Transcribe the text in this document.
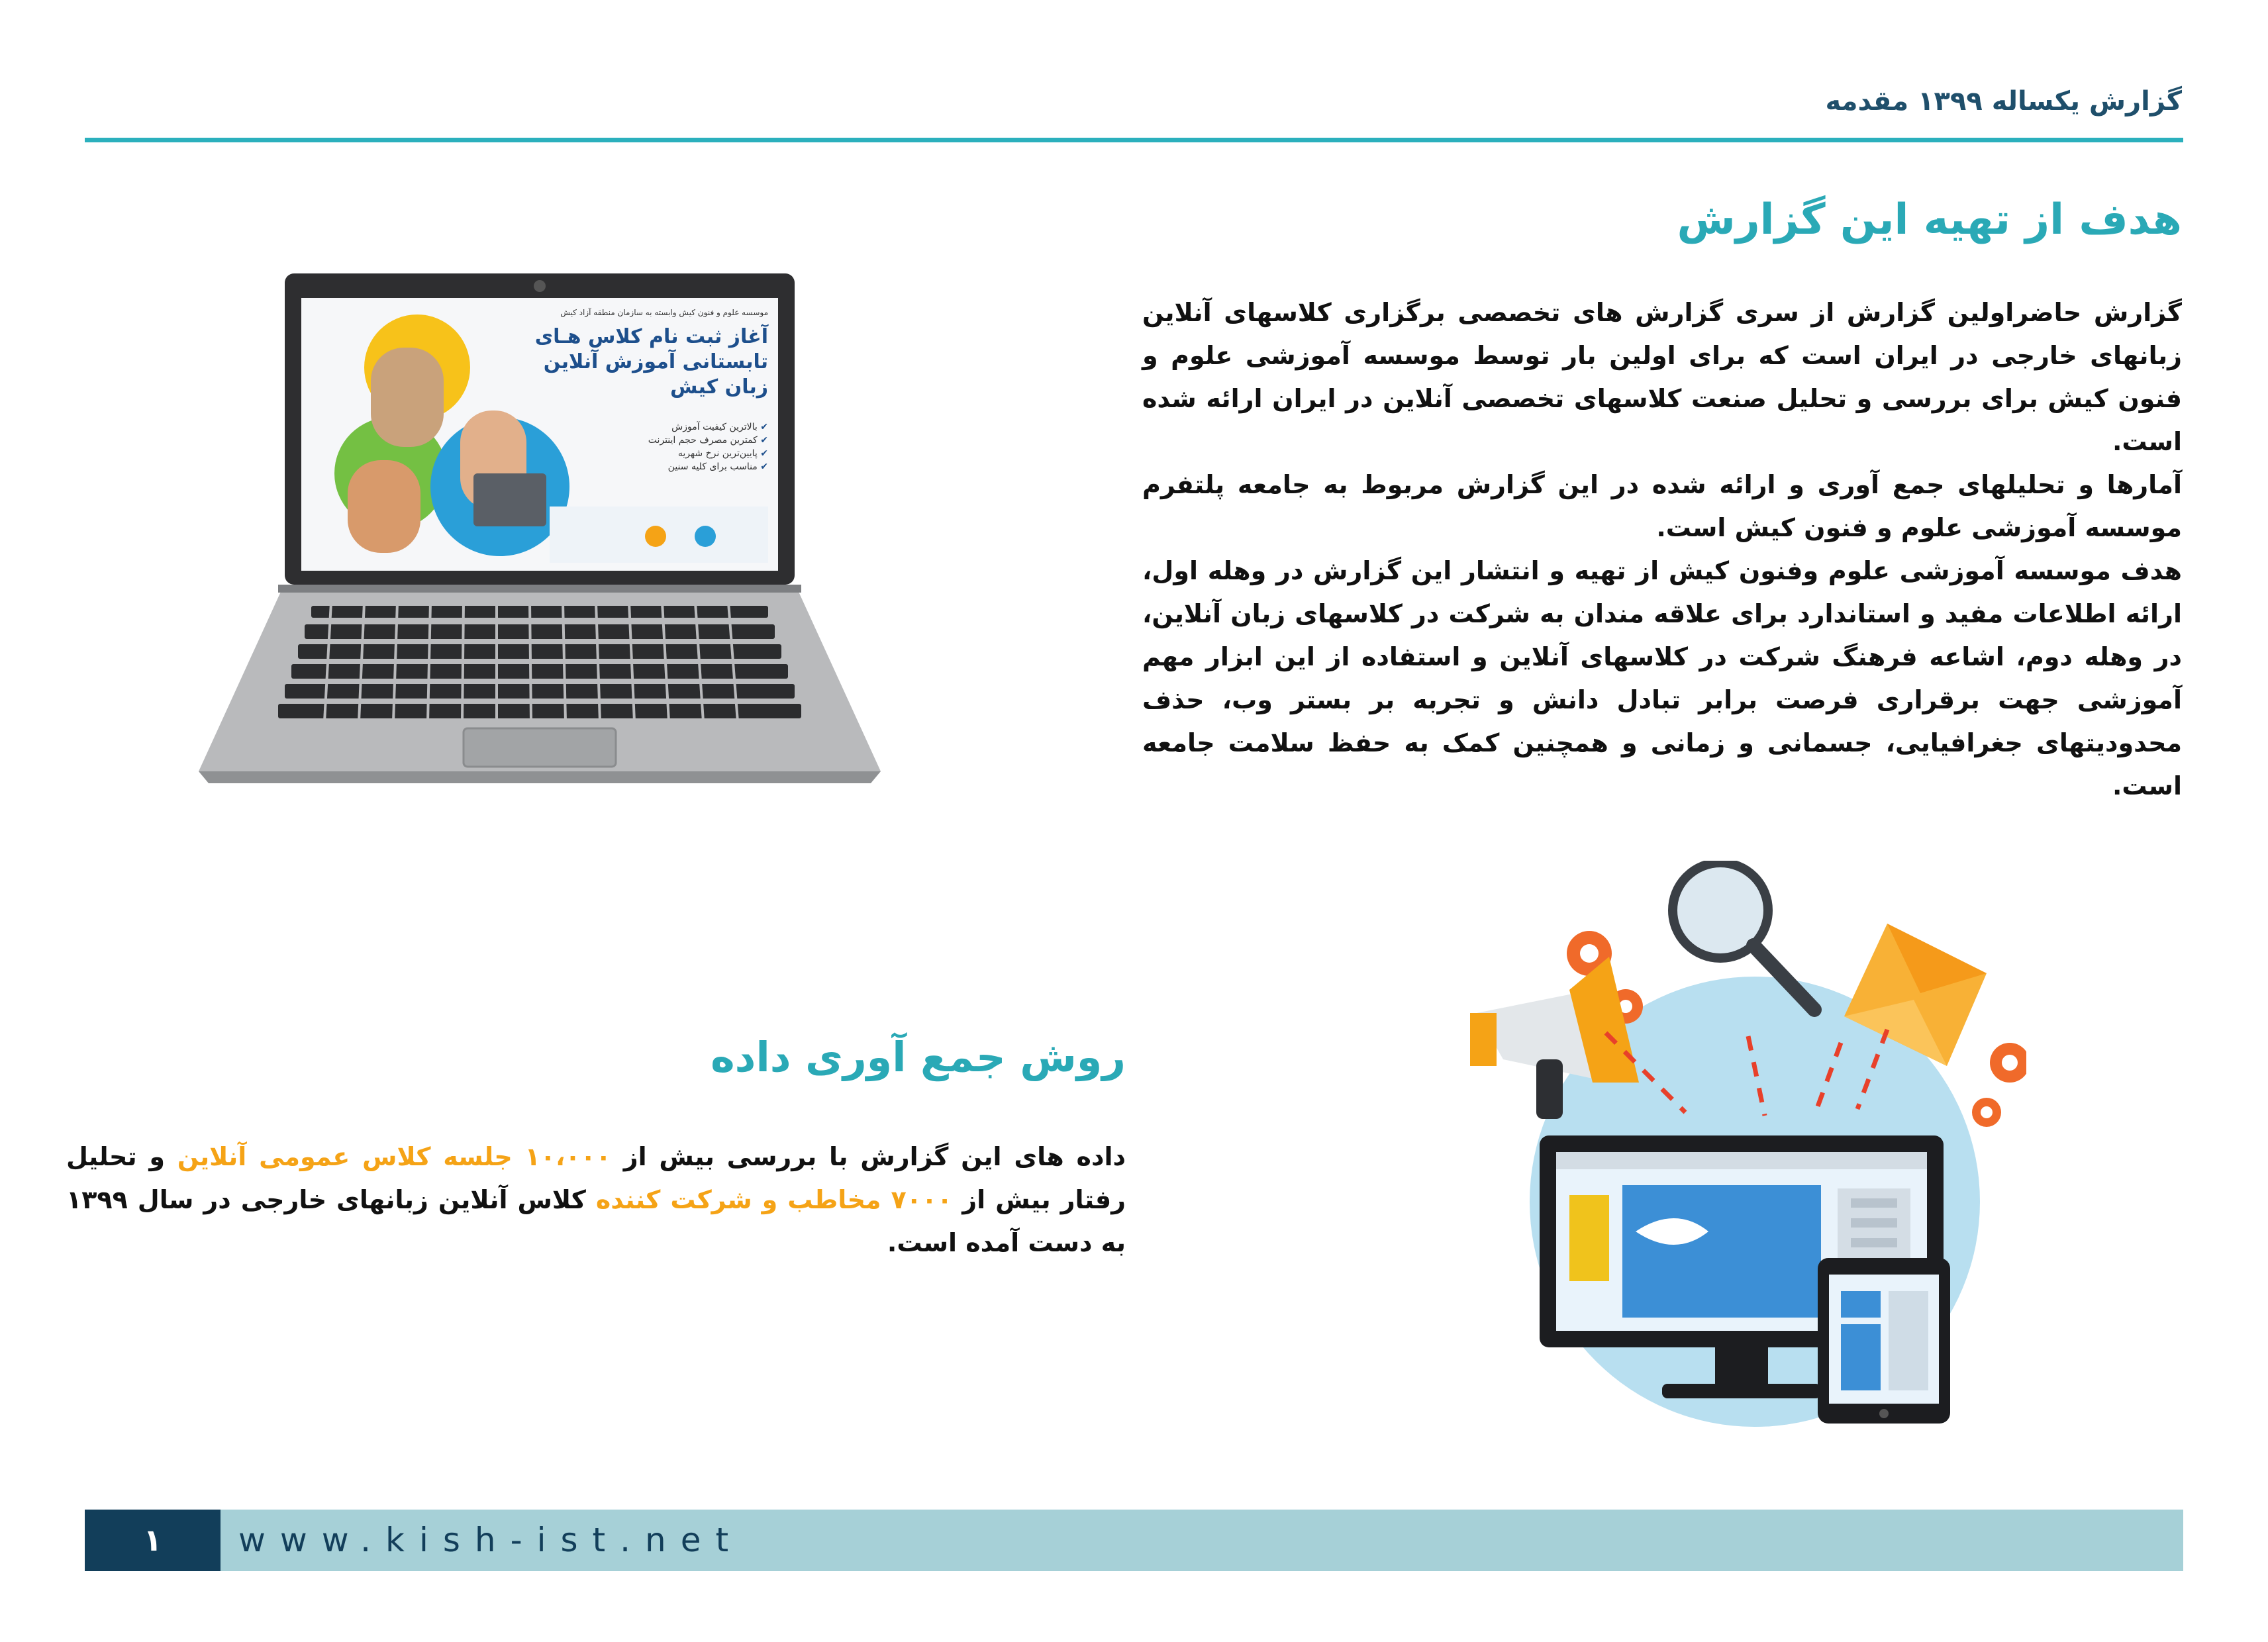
گزارش یکساله ۱۳۹۹ مقدمه
هدف از تهیه این گزارش

گزارش حاضراولین گزارش از سری گزارش های تخصصی برگزاری کلاسهای آنلاین زبانهای خارجی در ایران است که برای اولین بار توسط موسسه آموزشی علوم و فنون کیش برای بررسی و تحلیل صنعت کلاسهای تخصصی آنلاین در ایران ارائه شده است.

آمارها و تحلیلهای جمع آوری و ارائه شده در این گزارش مربوط به جامعه پلتفرم موسسه آموزشی علوم و فنون کیش است.

هدف موسسه آموزشی علوم وفنون کیش از تهیه و انتشار این گزارش در وهله اول، ارائه اطلاعات مفید و استاندارد برای علاقه مندان به شرکت در کلاسهای زبان آنلاین، در وهله دوم، اشاعه فرهنگ شرکت در کلاسهای آنلاین و استفاده از این ابزار مهم آموزشی جهت برقراری فرصت برابر تبادل دانش و تجربه بر بستر وب، حذف محدودیتهای جغرافیایی، جسمانی و زمانی و همچنین کمک به حفظ سلامت جامعه است.

موسسه علوم و فنون کیش وابسته به سازمان منطقه آزاد کیش
آغاز ثبت نام کلاس هـای
تابستانی آموزش آنلاین
زبان کیش
✔ بالاترین کیفیت آموزش
✔ کمترین مصرف حجم اینترنت
✔ پایین‌ترین نرخ شهریه
✔ مناسب برای کلیه سنین
روش جمع آوری داده
داده های این گزارش با بررسی بیش از ۱۰،۰۰۰ جلسه کلاس عمومی آنلاین و تحلیل رفتار بیش از ۷۰۰۰ مخاطب و شرکت کننده کلاس آنلاین زبانهای خارجی در سال ۱۳۹۹ به دست آمده است.
۱	www.kish-ist.net
